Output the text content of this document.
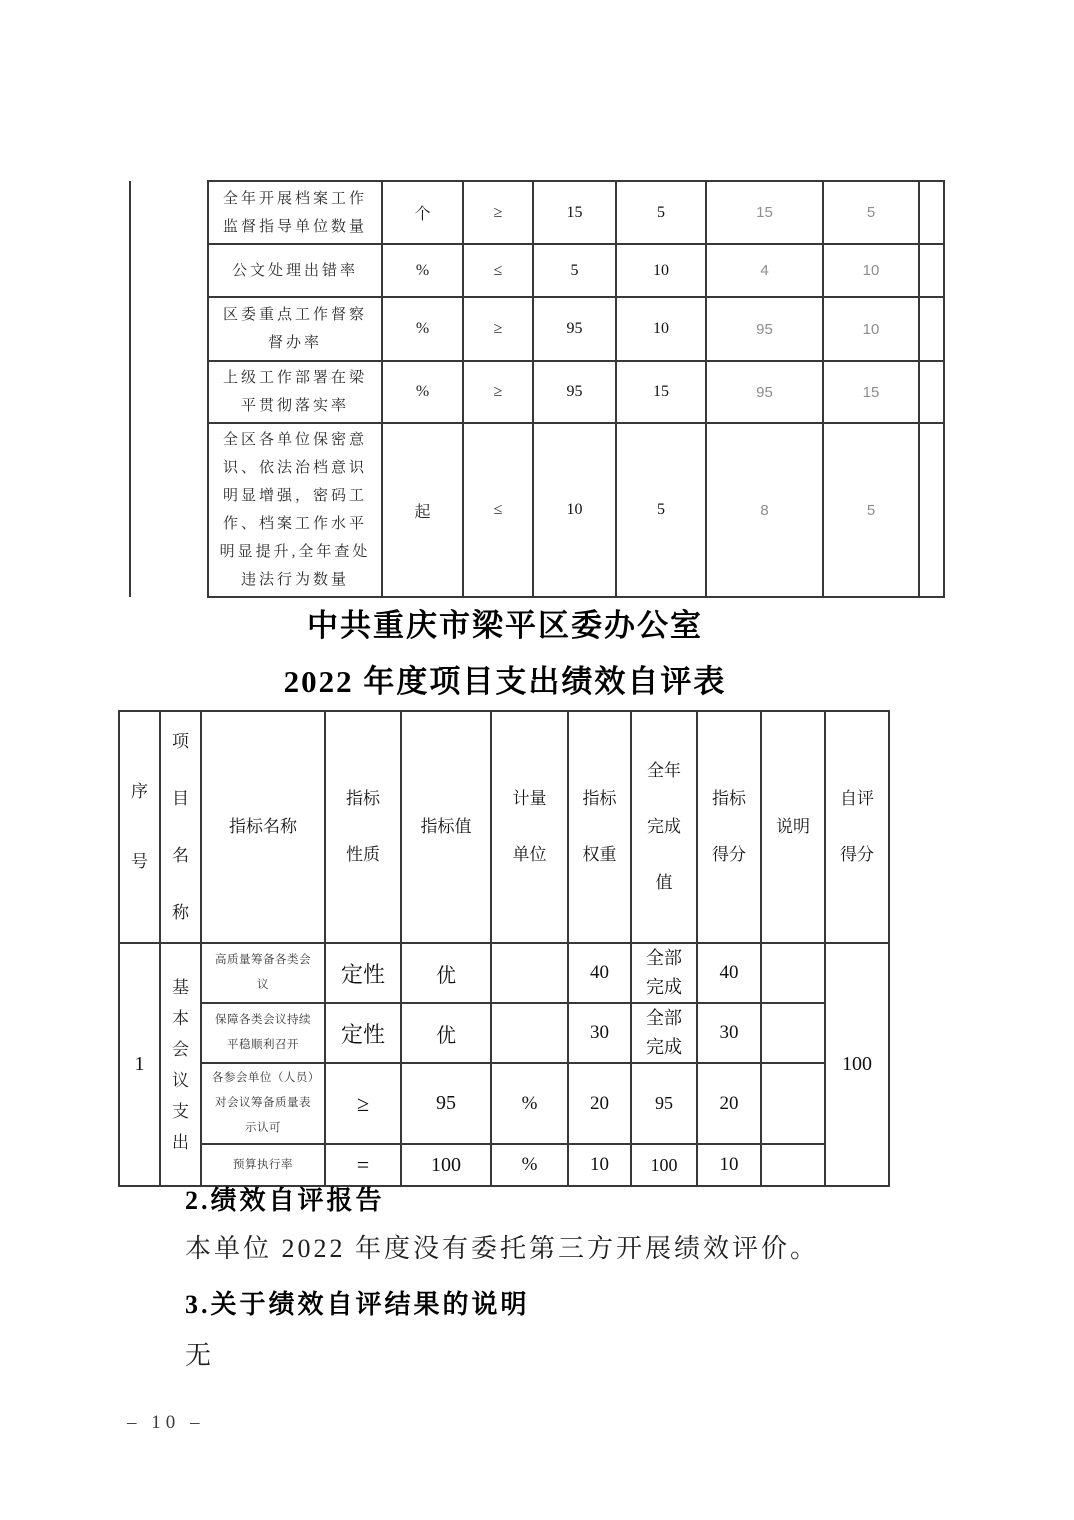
	全年开展档案工作监督指导单位数量	个	≥	15	5	15	5	
	公文处理出错率	%	≤	5	10	4	10	
	区委重点工作督察督办率	%	≥	95	10	95	10	
	上级工作部署在梁平贯彻落实率	%	≥	95	15	95	15	
	全区各单位保密意识、依法治档意识明显增强，密码工作、档案工作水平明显提升,全年查处违法行为数量	起	≤	10	5	8	5	
中共重庆市梁平区委办公室
2022 年度项目支出绩效自评表
序号	项目名称	指标名称	指标性质	指标值	计量单位	指标权重	全年完成值	指标得分	说明	自评得分
1	基本会议支出	高质量筹备各类会议	定性	优		40	全部完成	40		100
		保障各类会议持续平稳顺利召开	定性	优		30	全部完成	30		
		各参会单位（人员）对会议筹备质量表示认可	≥	95	%	20	95	20		
		预算执行率	=	100	%	10	100	10		
2.绩效自评报告
本单位 2022 年度没有委托第三方开展绩效评价。
3.关于绩效自评结果的说明
无
– 10 –
